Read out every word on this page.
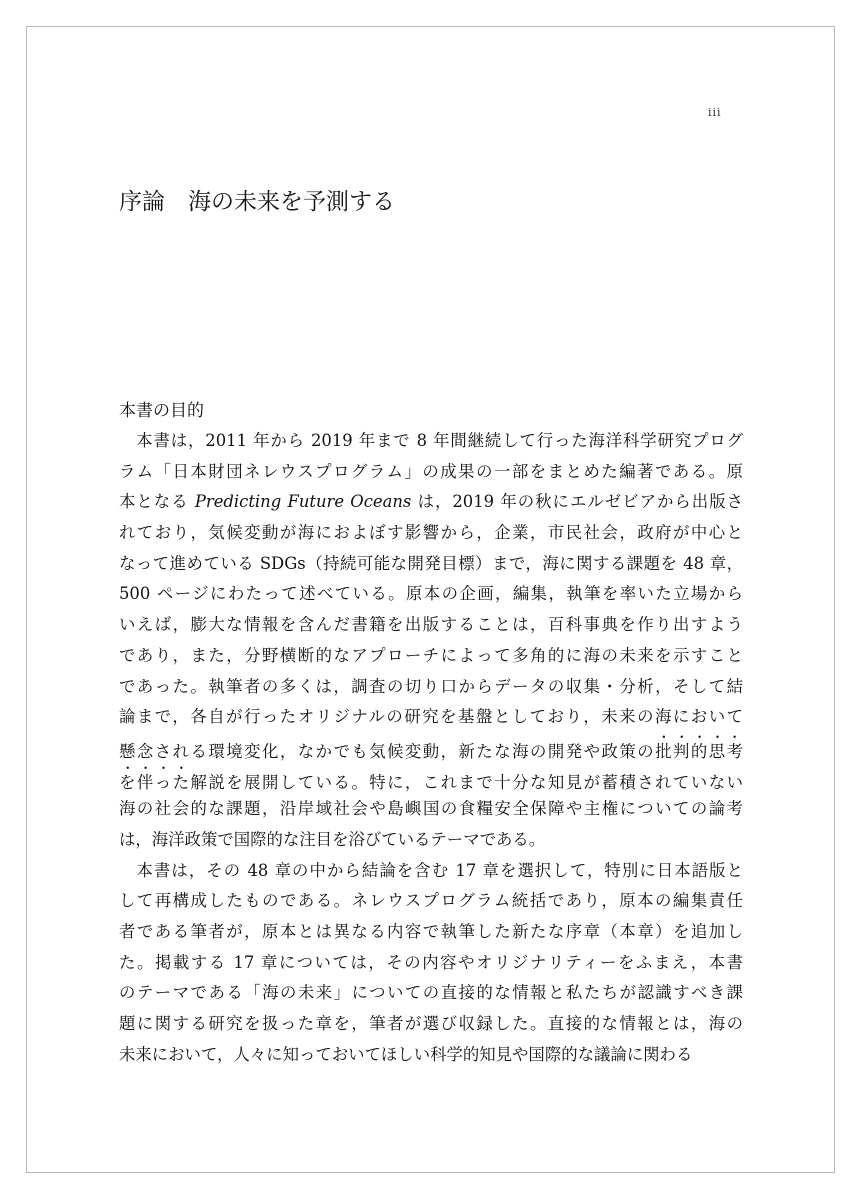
iii
序論　海の未来を予測する
本書の目的
　本書は，2011 年から 2019 年まで 8 年間継続して行った海洋科学研究プログ
ラム「日本財団ネレウスプログラム」の成果の一部をまとめた編著である。原
本となる Predicting Future Oceans は，2019 年の秋にエルゼビアから出版さ
れており，気候変動が海におよぼす影響から，企業，市民社会，政府が中心と
なって進めている SDGs（持続可能な開発目標）まで，海に関する課題を 48 章，
500 ページにわたって述べている。原本の企画，編集，執筆を率いた立場から
いえば，膨大な情報を含んだ書籍を出版することは，百科事典を作り出すよう
であり，また，分野横断的なアプローチによって多角的に海の未来を示すこと
であった。執筆者の多くは，調査の切り口からデータの収集・分析，そして結
論まで，各自が行ったオリジナルの研究を基盤としており，未来の海において
懸念される環境変化，なかでも気候変動，新たな海の開発や政策の批判的思考
を伴った解説を展開している。特に，これまで十分な知見が蓄積されていない
海の社会的な課題，沿岸域社会や島嶼国の食糧安全保障や主権についての論考
は，海洋政策で国際的な注目を浴びているテーマである。
　本書は，その 48 章の中から結論を含む 17 章を選択して，特別に日本語版と
して再構成したものである。ネレウスプログラム統括であり，原本の編集責任
者である筆者が，原本とは異なる内容で執筆した新たな序章（本章）を追加し
た。掲載する 17 章については，その内容やオリジナリティーをふまえ，本書
のテーマである「海の未来」についての直接的な情報と私たちが認識すべき課
題に関する研究を扱った章を，筆者が選び収録した。直接的な情報とは，海の
未来において，人々に知っておいてほしい科学的知見や国際的な議論に関わる
